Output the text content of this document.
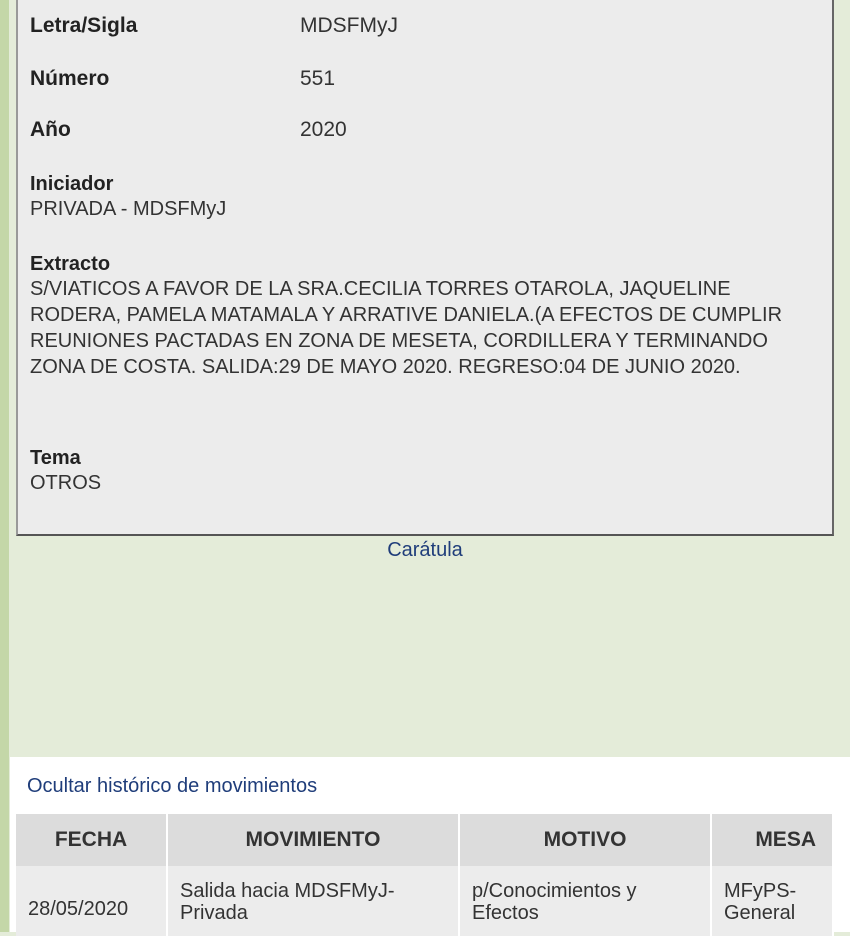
Letra/Sigla	MDSFMyJ
Número	551
Año	2020
Iniciador
PRIVADA - MDSFMyJ
Extracto
S/VIATICOS A FAVOR DE LA SRA.CECILIA TORRES OTAROLA, JAQUELINE RODERA, PAMELA MATAMALA Y ARRATIVE DANIELA.(A EFECTOS DE CUMPLIR REUNIONES PACTADAS EN ZONA DE MESETA, CORDILLERA Y TERMINANDO ZONA DE COSTA. SALIDA:29 DE MAYO 2020. REGRESO:04 DE JUNIO 2020.
Tema
OTROS
Carátula
Ocultar histórico de movimientos
FECHA	MOVIMIENTO	MOTIVO	MESA
28/05/2020	Salida hacia MDSFMyJ-Privada	p/Conocimientos y Efectos	MFyPS-General
